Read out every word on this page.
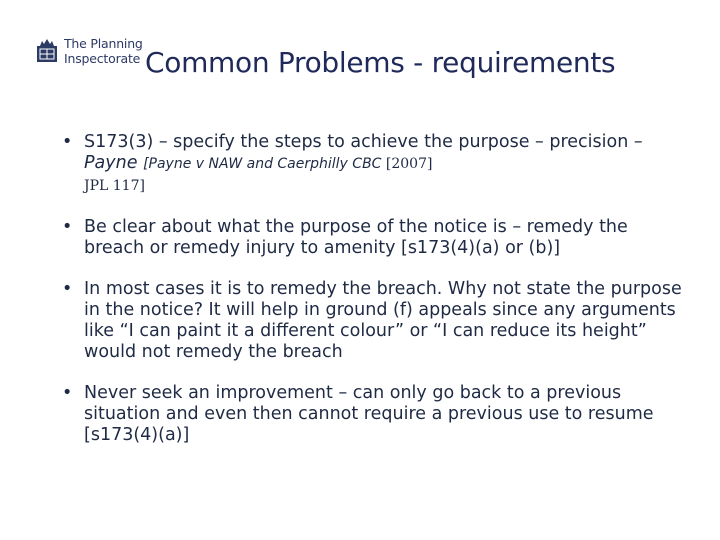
The Planning
Inspectorate Common Problems - requirements
• S173(3) – specify the steps to achieve the purpose – precision – Payne [Payne v NAW and Caerphilly CBC [2007]
JPL 117]
• Be clear about what the purpose of the notice is – remedy the breach or remedy injury to amenity [s173(4)(a) or (b)]
• In most cases it is to remedy the breach. Why not state the purpose in the notice? It will help in ground (f) appeals since any arguments like “I can paint it a different colour” or “I can reduce its height” would not remedy the breach
• Never seek an improvement – can only go back to a previous situation and even then cannot require a previous use to resume [s173(4)(a)]
